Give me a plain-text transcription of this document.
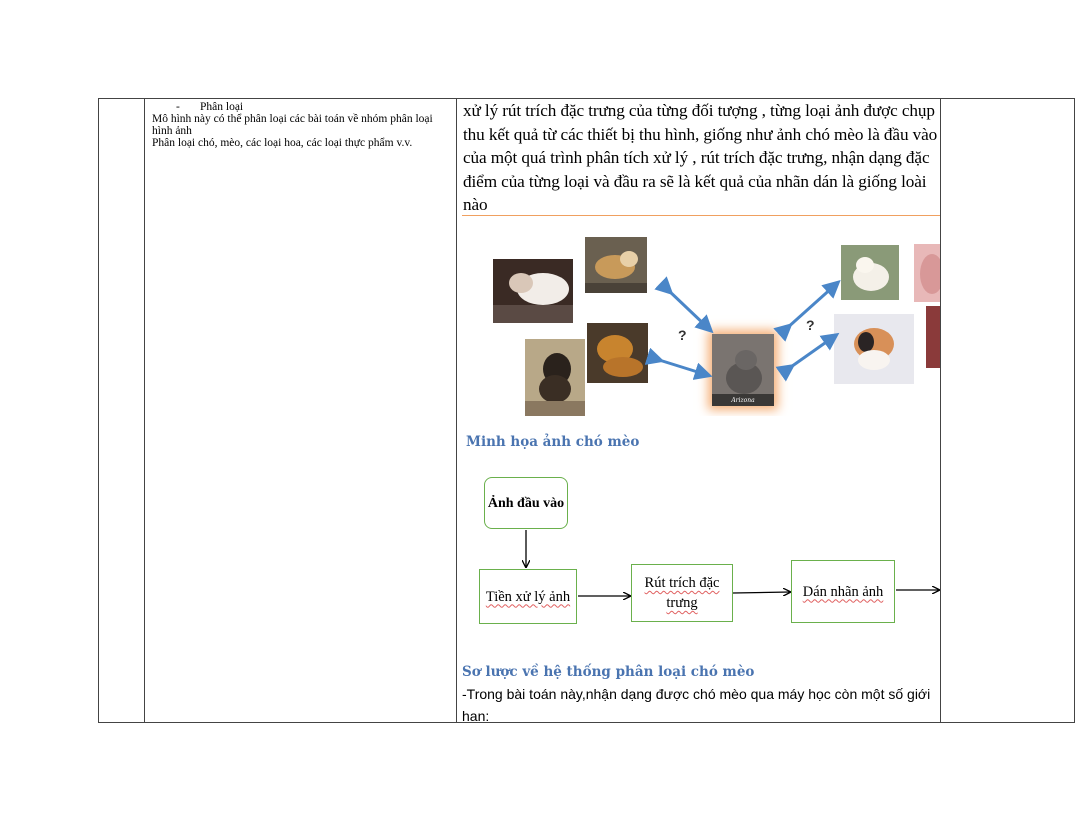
- Phân loại
Mô hình này có thể phân loại các bài toán về nhóm phân loại hình ảnh
Phân loại chó, mèo, các loại hoa, các loại thực phẩm v.v.
xử lý rút trích đặc trưng của từng đối tượng , từng loại ảnh được chụp thu kết quả từ các thiết bị thu hình, giống như ảnh chó mèo là đầu vào của một quá trình phân tích xử lý , rút trích đặc trưng, nhận dạng đặc điểm của từng loại và đầu ra sẽ là kết quả của nhãn dán là giống loài nào
Arizona
?
?
Minh họa ảnh chó mèo
Ảnh đầu vào
Tiền xử lý ảnh
Rút trích đặc trưng
Dán nhãn ảnh
Sơ lược về hệ thống phân loại chó mèo
-Trong bài toán này,nhận dạng được chó mèo qua máy học còn một số giới han:
